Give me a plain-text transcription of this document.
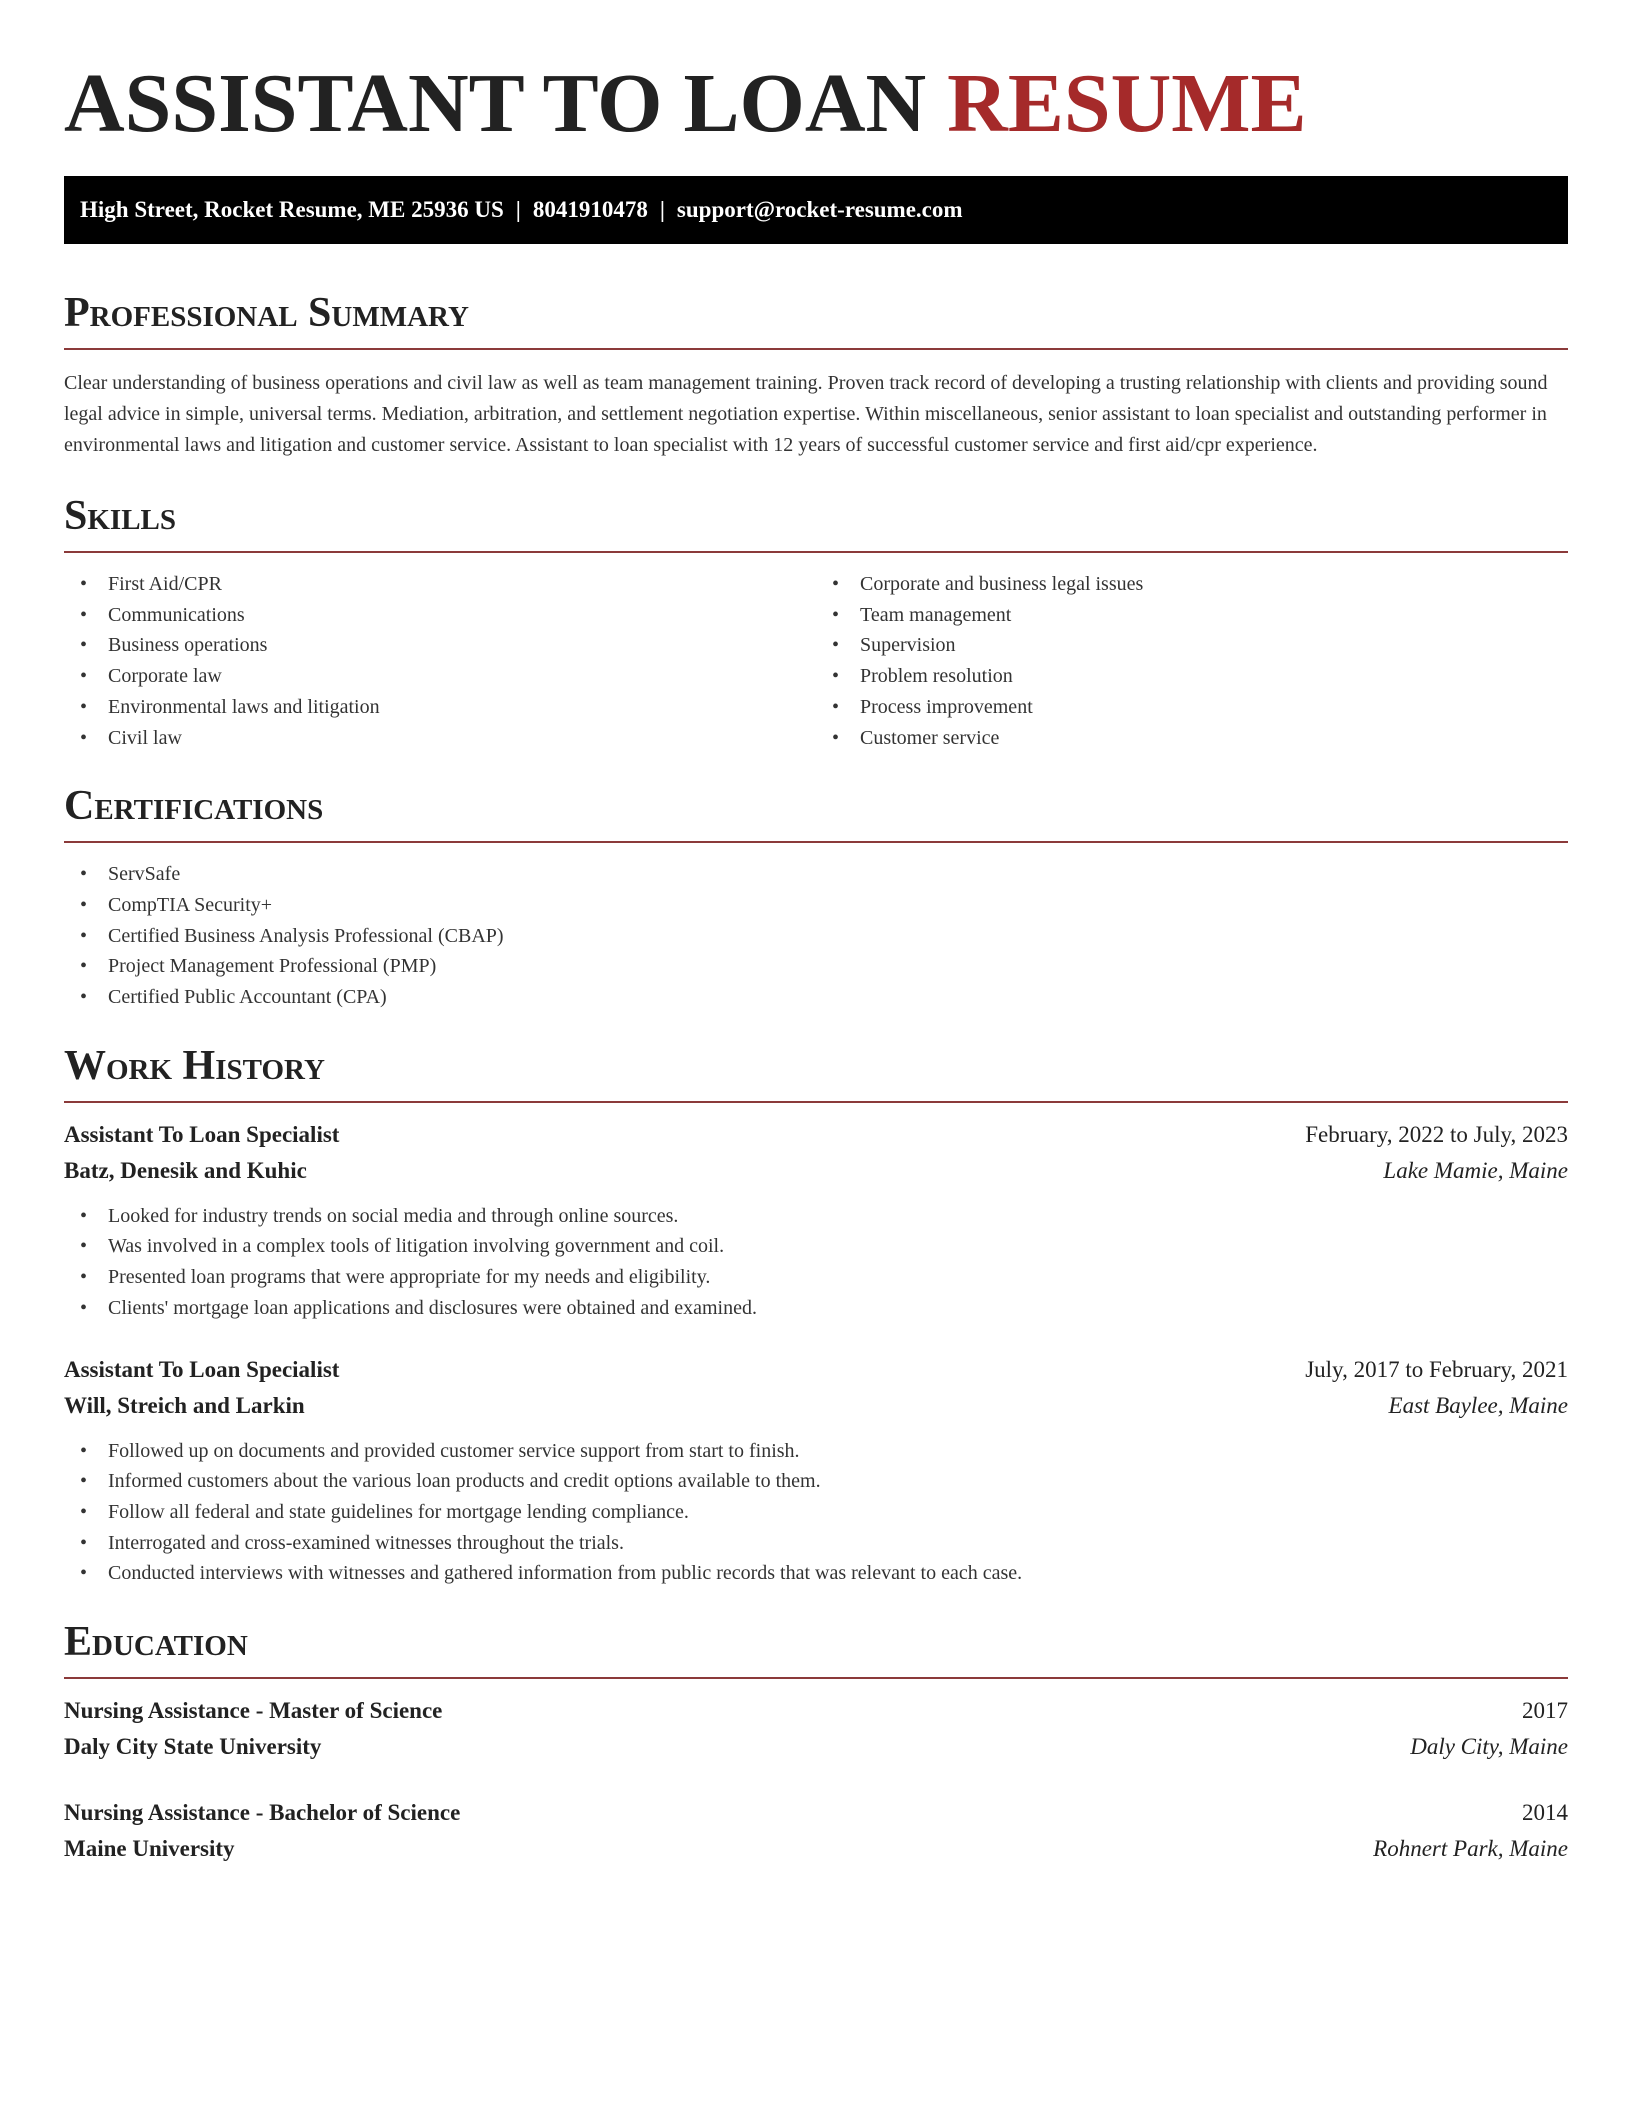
ASSISTANT TO LOAN RESUME
High Street, Rocket Resume, ME 25936 US | 8041910478 | support@rocket-resume.com
Professional Summary

Clear understanding of business operations and civil law as well as team management training. Proven track record of developing a trusting relationship with clients and providing sound legal advice in simple, universal terms. Mediation, arbitration, and settlement negotiation expertise. Within miscellaneous, senior assistant to loan specialist and outstanding performer in environmental laws and litigation and customer service. Assistant to loan specialist with 12 years of successful customer service and first aid/cpr experience.

Skills
• First Aid/CPR
• Communications
• Business operations
• Corporate law
• Environmental laws and litigation
• Civil law
• Corporate and business legal issues
• Team management
• Supervision
• Problem resolution
• Process improvement
• Customer service
Certifications
• ServSafe
• CompTIA Security+
• Certified Business Analysis Professional (CBAP)
• Project Management Professional (PMP)
• Certified Public Accountant (CPA)
Work History
Assistant To Loan Specialist	February, 2022 to July, 2023
Batz, Denesik and Kuhic	Lake Mamie, Maine
• Looked for industry trends on social media and through online sources.
• Was involved in a complex tools of litigation involving government and coil.
• Presented loan programs that were appropriate for my needs and eligibility.
• Clients' mortgage loan applications and disclosures were obtained and examined.
Assistant To Loan Specialist	July, 2017 to February, 2021
Will, Streich and Larkin	East Baylee, Maine
• Followed up on documents and provided customer service support from start to finish.
• Informed customers about the various loan products and credit options available to them.
• Follow all federal and state guidelines for mortgage lending compliance.
• Interrogated and cross-examined witnesses throughout the trials.
• Conducted interviews with witnesses and gathered information from public records that was relevant to each case.
Education
Nursing Assistance - Master of Science	2017
Daly City State University	Daly City, Maine
Nursing Assistance - Bachelor of Science	2014
Maine University	Rohnert Park, Maine
